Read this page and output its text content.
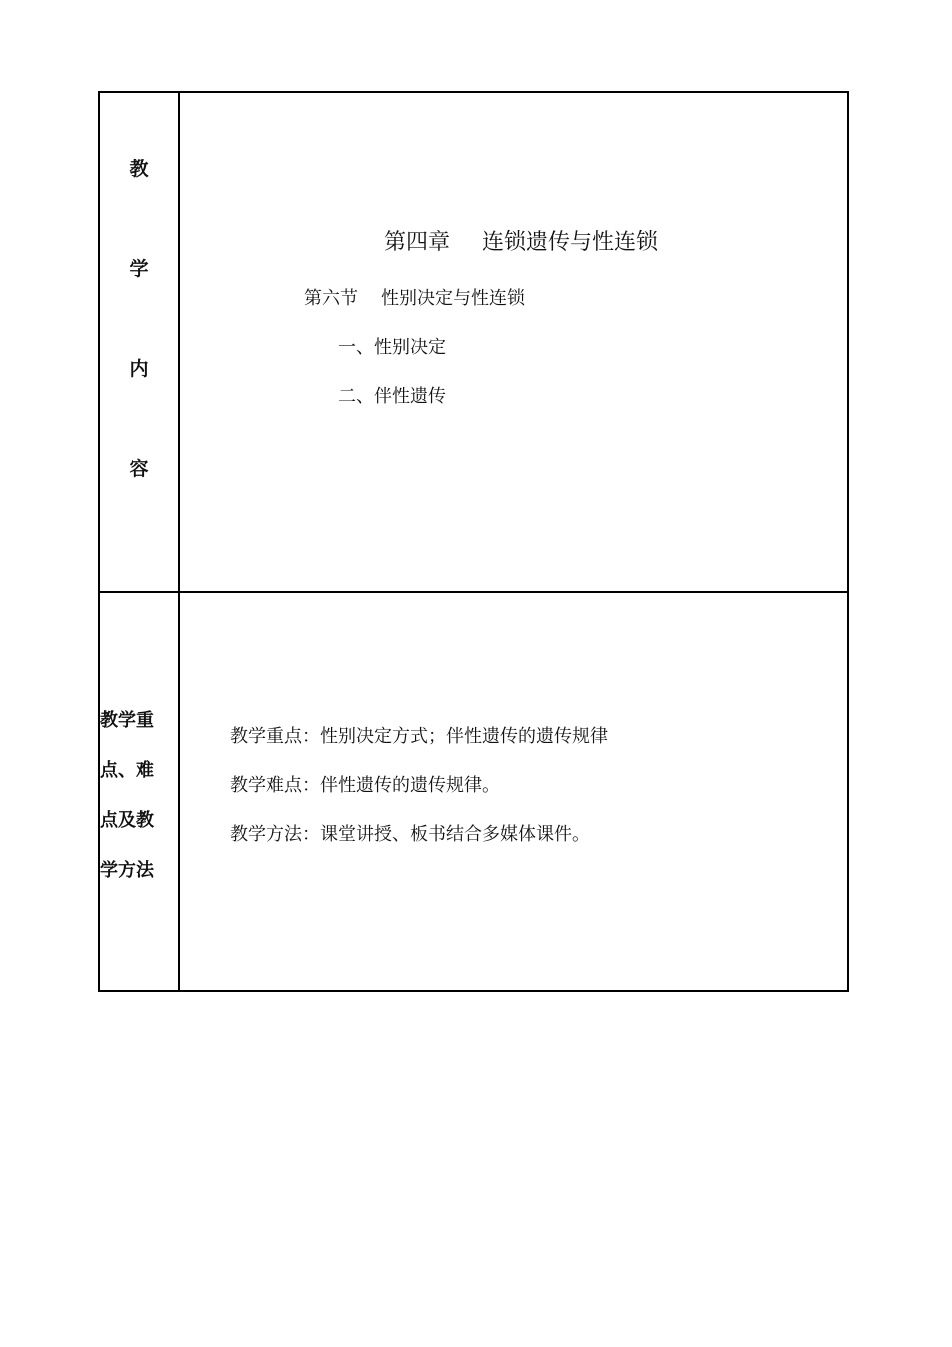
教
学
内
容
第四章 连锁遗传与性连锁
第六节 性别决定与性连锁
一、性别决定
二、伴性遗传
教学重
点、难
点及教
学方法
教学重点：性别决定方式；伴性遗传的遗传规律
教学难点：伴性遗传的遗传规律。
教学方法：课堂讲授、板书结合多媒体课件。
